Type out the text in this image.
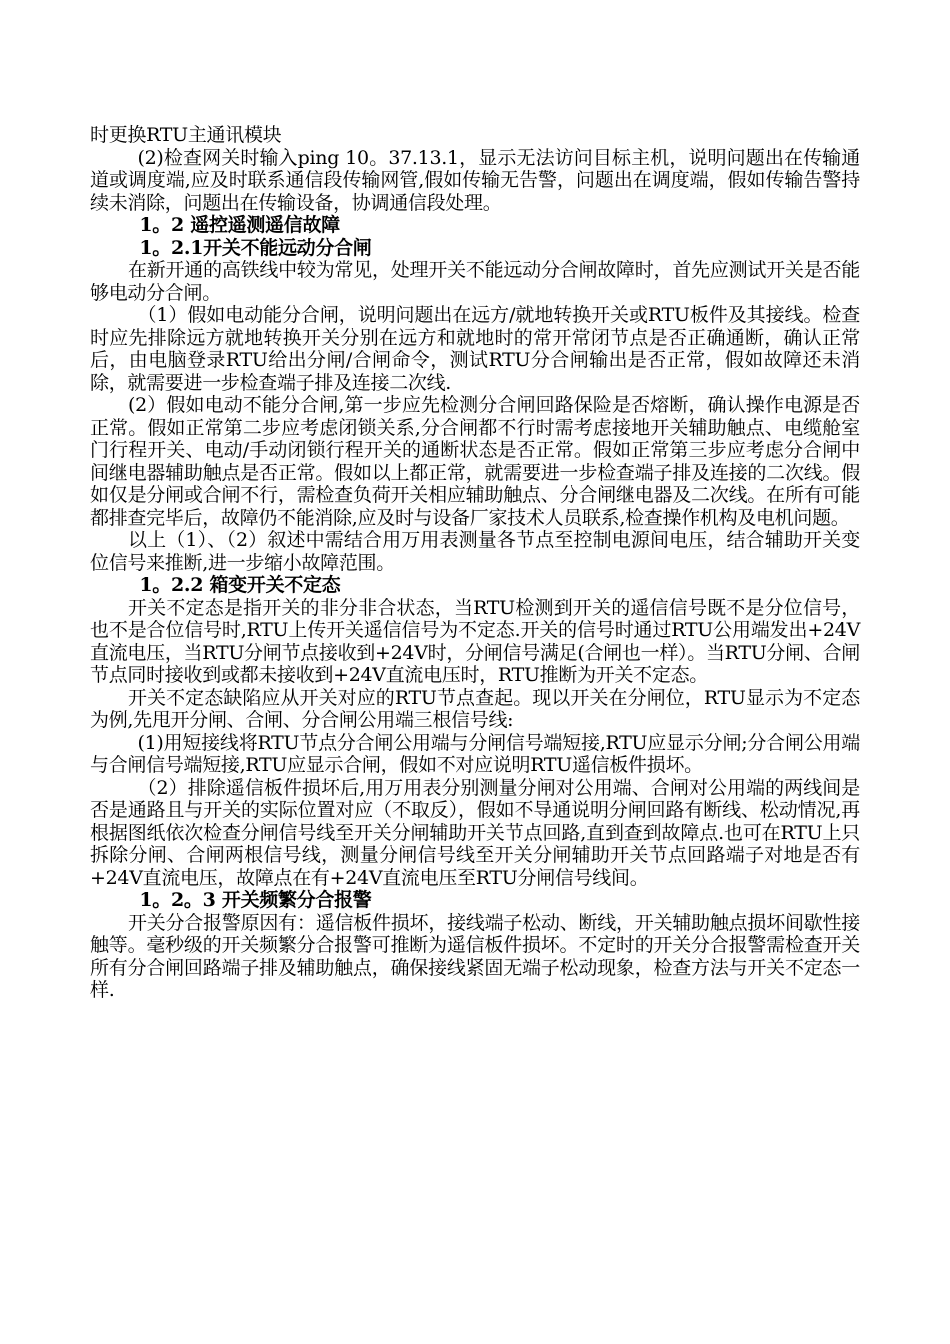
时更换RTU主通讯模块

(2)检查网关时输入ping 10。37.13.1，显示无法访问目标主机，说明问题出在传输通道或调度端,应及时联系通信段传输网管,假如传输无告警，问题出在调度端，假如传输告警持续未消除，问题出在传输设备，协调通信段处理。

1。2 遥控遥测遥信故障
1。2.1开关不能远动分合闸

在新开通的高铁线中较为常见，处理开关不能远动分合闸故障时，首先应测试开关是否能够电动分合闸。

（1）假如电动能分合闸，说明问题出在远方/就地转换开关或RTU板件及其接线。检查时应先排除远方就地转换开关分别在远方和就地时的常开常闭节点是否正确通断，确认正常后，由电脑登录RTU给出分闸/合闸命令，测试RTU分合闸输出是否正常，假如故障还未消除，就需要进一步检查端子排及连接二次线.

(2）假如电动不能分合闸,第一步应先检测分合闸回路保险是否熔断，确认操作电源是否正常。假如正常第二步应考虑闭锁关系,分合闸都不行时需考虑接地开关辅助触点、电缆舱室门行程开关、电动/手动闭锁行程开关的通断状态是否正常。假如正常第三步应考虑分合闸中间继电器辅助触点是否正常。假如以上都正常，就需要进一步检查端子排及连接的二次线。假如仅是分闸或合闸不行，需检查负荷开关相应辅助触点、分合闸继电器及二次线。在所有可能都排查完毕后，故障仍不能消除,应及时与设备厂家技术人员联系,检查操作机构及电机问题。

以上（1）、（2）叙述中需结合用万用表测量各节点至控制电源间电压，结合辅助开关变位信号来推断,进一步缩小故障范围。

1。2.2 箱变开关不定态

开关不定态是指开关的非分非合状态，当RTU检测到开关的遥信信号既不是分位信号，也不是合位信号时,RTU上传开关遥信信号为不定态.开关的信号时通过RTU公用端发出+24V直流电压，当RTU分闸节点接收到+24V时，分闸信号满足(合闸也一样）。当RTU分闸、合闸节点同时接收到或都未接收到+24V直流电压时，RTU推断为开关不定态。

开关不定态缺陷应从开关对应的RTU节点查起。现以开关在分闸位，RTU显示为不定态为例,先甩开分闸、合闸、分合闸公用端三根信号线:

(1)用短接线将RTU节点分合闸公用端与分闸信号端短接,RTU应显示分闸;分合闸公用端与合闸信号端短接,RTU应显示合闸，假如不对应说明RTU遥信板件损坏。

（2）排除遥信板件损坏后,用万用表分别测量分闸对公用端、合闸对公用端的两线间是否是通路且与开关的实际位置对应（不取反），假如不导通说明分闸回路有断线、松动情况,再根据图纸依次检查分闸信号线至开关分闸辅助开关节点回路,直到查到故障点.也可在RTU上只拆除分闸、合闸两根信号线，测量分闸信号线至开关分闸辅助开关节点回路端子对地是否有+24V直流电压，故障点在有+24V直流电压至RTU分闸信号线间。

1。2。3 开关频繁分合报警

开关分合报警原因有：遥信板件损坏，接线端子松动、断线，开关辅助触点损坏间歇性接触等。毫秒级的开关频繁分合报警可推断为遥信板件损坏。不定时的开关分合报警需检查开关所有分合闸回路端子排及辅助触点，确保接线紧固无端子松动现象，检查方法与开关不定态一样.
